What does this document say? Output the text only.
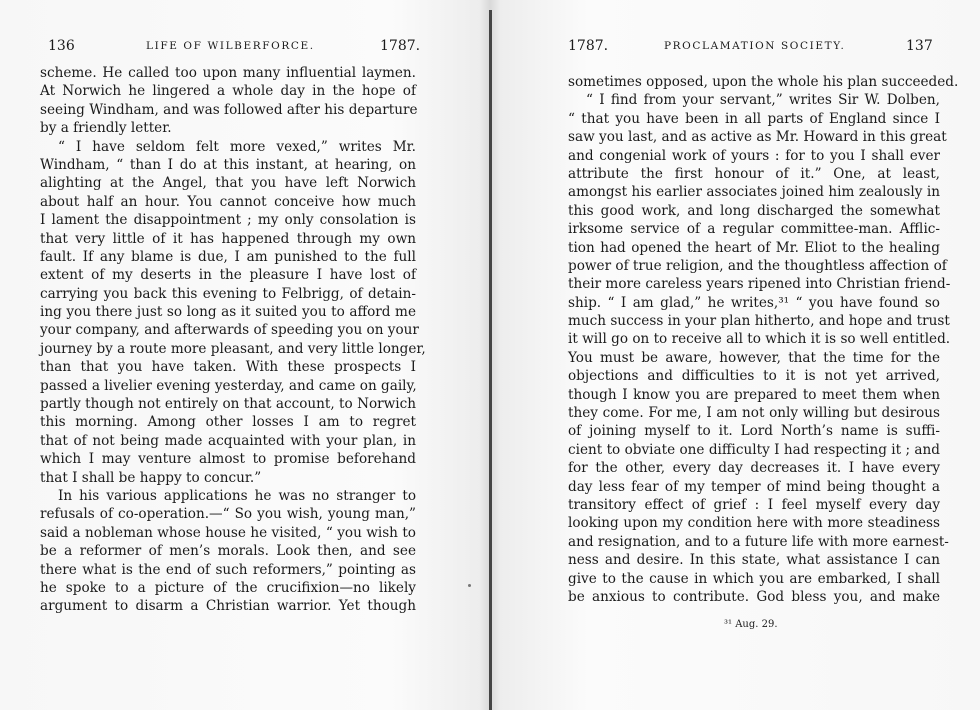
136	LIFE OF WILBERFORCE.	1787.
scheme. He called too upon many influential laymen.
At Norwich he lingered a whole day in the hope of
seeing Windham, and was followed after his departure
by a friendly letter.
“ I have seldom felt more vexed,” writes Mr.
Windham, “ than I do at this instant, at hearing, on
alighting at the Angel, that you have left Norwich
about half an hour. You cannot conceive how much
I lament the disappointment ; my only consolation is
that very little of it has happened through my own
fault. If any blame is due, I am punished to the full
extent of my deserts in the pleasure I have lost of
carrying you back this evening to Felbrigg, of detain-
ing you there just so long as it suited you to afford me
your company, and afterwards of speeding you on your
journey by a route more pleasant, and very little longer,
than that you have taken. With these prospects I
passed a livelier evening yesterday, and came on gaily,
partly though not entirely on that account, to Norwich
this morning. Among other losses I am to regret
that of not being made acquainted with your plan, in
which I may venture almost to promise beforehand
that I shall be happy to concur.”
In his various applications he was no stranger to
refusals of co-operation.—“ So you wish, young man,”
said a nobleman whose house he visited, “ you wish to
be a reformer of men’s morals. Look then, and see
there what is the end of such reformers,” pointing as
he spoke to a picture of the crucifixion—no likely
argument to disarm a Christian warrior. Yet though
1787.	PROCLAMATION SOCIETY.	137
sometimes opposed, upon the whole his plan succeeded.
“ I find from your servant,” writes Sir W. Dolben,
“ that you have been in all parts of England since I
saw you last, and as active as Mr. Howard in this great
and congenial work of yours : for to you I shall ever
attribute the first honour of it.” One, at least,
amongst his earlier associates joined him zealously in
this good work, and long discharged the somewhat
irksome service of a regular committee-man. Afflic-
tion had opened the heart of Mr. Eliot to the healing
power of true religion, and the thoughtless affection of
their more careless years ripened into Christian friend-
ship. “ I am glad,” he writes,³¹ “ you have found so
much success in your plan hitherto, and hope and trust
it will go on to receive all to which it is so well entitled.
You must be aware, however, that the time for the
objections and difficulties to it is not yet arrived,
though I know you are prepared to meet them when
they come. For me, I am not only willing but desirous
of joining myself to it. Lord North’s name is suffi-
cient to obviate one difficulty I had respecting it ; and
for the other, every day decreases it. I have every
day less fear of my temper of mind being thought a
transitory effect of grief : I feel myself every day
looking upon my condition here with more steadiness
and resignation, and to a future life with more earnest-
ness and desire. In this state, what assistance I can
give to the cause in which you are embarked, I shall
be anxious to contribute. God bless you, and make
³¹ Aug. 29.
